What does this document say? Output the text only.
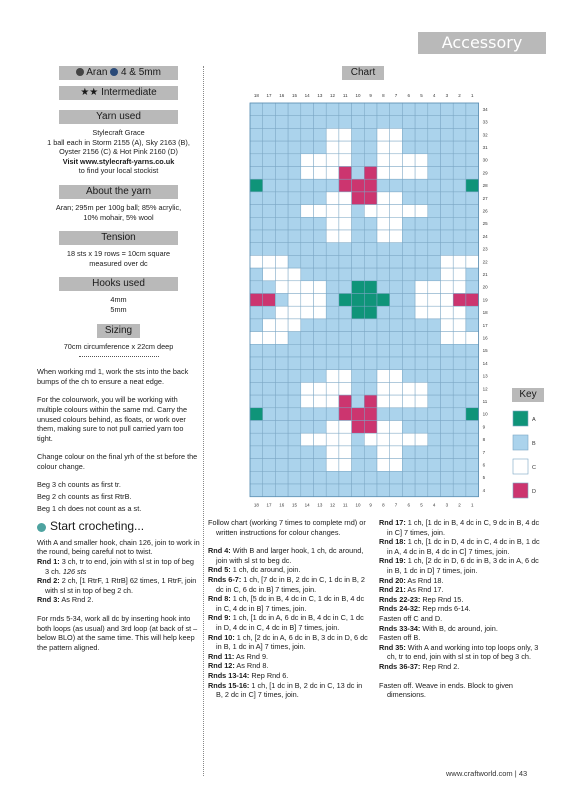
Accessory
Aran 4 & 5mm
★★ Intermediate
Yarn used

Stylecraft Grace

1 ball each in Storm 2155 (A), Sky 2163 (B),

Oyster 2156 (C) & Hot Pink 2160 (D)

Visit www.stylecraft-yarns.co.uk

to find your local stockist

About the yarn

Aran; 295m per 100g ball; 85% acrylic,

10% mohair, 5% wool

Tension

18 sts x 19 rows = 10cm square

measured over dc

Hooks used

4mm

5mm

Sizing

70cm circumference x 22cm deep

When working rnd 1, work the sts into the back bumps of the ch to ensure a neat edge.

For the colourwork, you will be working with multiple colours within the same rnd. Carry the unused colours behind, as floats, or work over them, making sure to not pull carried yarn too tight.

Change colour on the final yrh of the st before the colour change.

Beg 3 ch counts as first tr.

Beg 2 ch counts as first RtrB.

Beg 1 ch does not count as a st.

Start crocheting...

With A and smaller hook, chain 126, join to work in the round, being careful not to twist.

Rnd 1: 3 ch, tr to end, join with sl st in top of beg 3 ch. 126 sts

Rnd 2: 2 ch, [1 RtrF, 1 RtrB] 62 times, 1 RtrF, join with sl st in top of beg 2 ch.

Rnd 3: As Rnd 2.

For rnds 5-34, work all dc by inserting hook into both loops (as usual) and 3rd loop (at back of st – below BLO) at the same time. This will help keep the pattern aligned.

18
18
17
17
16
16
15
15
14
14
13
13
12
12
11
11
10
10
9
9
8
8
7
7
6
6
5
5
4
4
3
3
2
2
1
1
34
33
32
31
30
29
28
27
26
25
24
23
22
21
20
19
18
17
16
15
14
13
12
11
10
9
8
7
6
5
4
A
B
C
D
Chart
Key

Follow chart (working 7 times to complete rnd) or written instructions for colour changes.

Rnd 4: With B and larger hook, 1 ch, dc around, join with sl st to beg dc.

Rnd 5: 1 ch, dc around, join.

Rnds 6-7: 1 ch, [7 dc in B, 2 dc in C, 1 dc in B, 2 dc in C, 6 dc in B] 7 times, join.

Rnd 8: 1 ch, [5 dc in B, 4 dc in C, 1 dc in B, 4 dc in C, 4 dc in B] 7 times, join.

Rnd 9: 1 ch, [1 dc in A, 6 dc in B, 4 dc in C, 1 dc in D, 4 dc in C, 4 dc in B] 7 times, join.

Rnd 10: 1 ch, [2 dc in A, 6 dc in B, 3 dc in D, 6 dc in B, 1 dc in A] 7 times, join.

Rnd 11: As Rnd 9.

Rnd 12: As Rnd 8.

Rnds 13-14: Rep Rnd 6.

Rnds 15-16: 1 ch, [1 dc in B, 2 dc in C, 13 dc in B, 2 dc in C] 7 times, join.

Rnd 17: 1 ch, [1 dc in B, 4 dc in C, 9 dc in B, 4 dc in C] 7 times, join.

Rnd 18: 1 ch, [1 dc in D, 4 dc in C, 4 dc in B, 1 dc in A, 4 dc in B, 4 dc in C] 7 times, join.

Rnd 19: 1 ch, [2 dc in D, 6 dc in B, 3 dc in A, 6 dc in B, 1 dc in D] 7 times, join.

Rnd 20: As Rnd 18.

Rnd 21: As Rnd 17.

Rnds 22-23: Rep Rnd 15.

Rnds 24-32: Rep rnds 6-14.

Fasten off C and D.

Rnds 33-34: With B, dc around, join.

Fasten off B.

Rnd 35: With A and working into top loops only, 3 ch, tr to end, join with sl st in top of beg 3 ch.

Rnds 36-37: Rep Rnd 2.

Fasten off. Weave in ends. Block to given dimensions.

www.craftworld.com | 43
